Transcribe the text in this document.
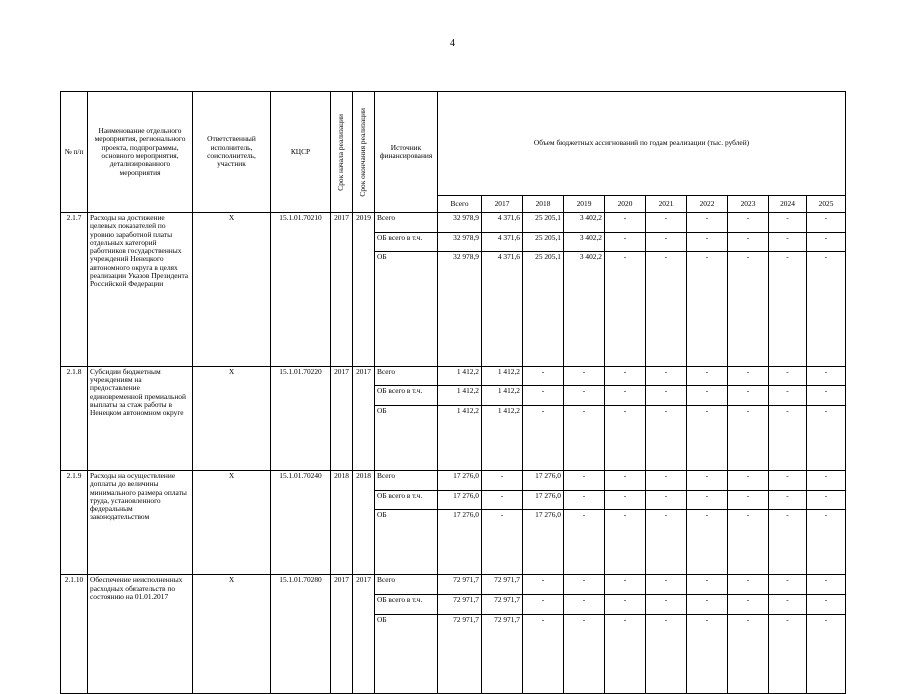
4
№ п/п	Наименование отдельного мероприятия, регионального проекта, подпрограммы, основного мероприятия, детализированного мероприятия	Ответственный исполнитель, соисполнитель, участник	КЦСР	Срок начала реализации	Срок окончания реализации	Источник финансирования	Объем бюджетных ассигнований по годам реализации (тыс. рублей)									
							Всего	2017	2018	2019	2020	2021	2022	2023	2024	2025
2.1.7	Расходы на достижение целевых показателей по уровню заработной платы отдельных категорий работников государственных учреждений Ненецкого автономного округа в целях реализации Указов Президента Российской Федерации	Х	15.1.01.70210	2017	2019	Всего	32 978,9	4 371,6	25 205,1	3 402,2	-	-	-	-	-	-
						ОБ всего в т.ч.	32 978,9	4 371,6	25 205,1	3 402,2	-	-	-	-	-	-
						ОБ	32 978,9	4 371,6	25 205,1	3 402,2	-	-	-	-	-	-
2.1.8	Субсидии бюджетным учреждениям на предоставление единовременной премиальной выплаты за стаж работы в Ненецком автономном округе	Х	15.1.01.70220	2017	2017	Всего	1 412,2	1 412,2	-	-	-	-	-	-	-	-
						ОБ всего в т.ч.	1 412,2	1 412,2	-	-	-	-	-	-	-	-
						ОБ	1 412,2	1 412,2	-	-	-	-	-	-	-	-
2.1.9	Расходы на осуществление доплаты до величины минимального размера оплаты труда, установленного федеральным законодательством	Х	15.1.01.70240	2018	2018	Всего	17 276,0	-	17 276,0	-	-	-	-	-	-	-
						ОБ всего в т.ч.	17 276,0	-	17 276,0	-	-	-	-	-	-	-
						ОБ	17 276,0	-	17 276,0	-	-	-	-	-	-	-
2.1.10	Обеспечение неисполненных расходных обязательств по состоянию на 01.01.2017	Х	15.1.01.70280	2017	2017	Всего	72 971,7	72 971,7	-	-	-	-	-	-	-	-
						ОБ всего в т.ч.	72 971,7	72 971,7	-	-	-	-	-	-	-	-
						ОБ	72 971,7	72 971,7	-	-	-	-	-	-	-	-
